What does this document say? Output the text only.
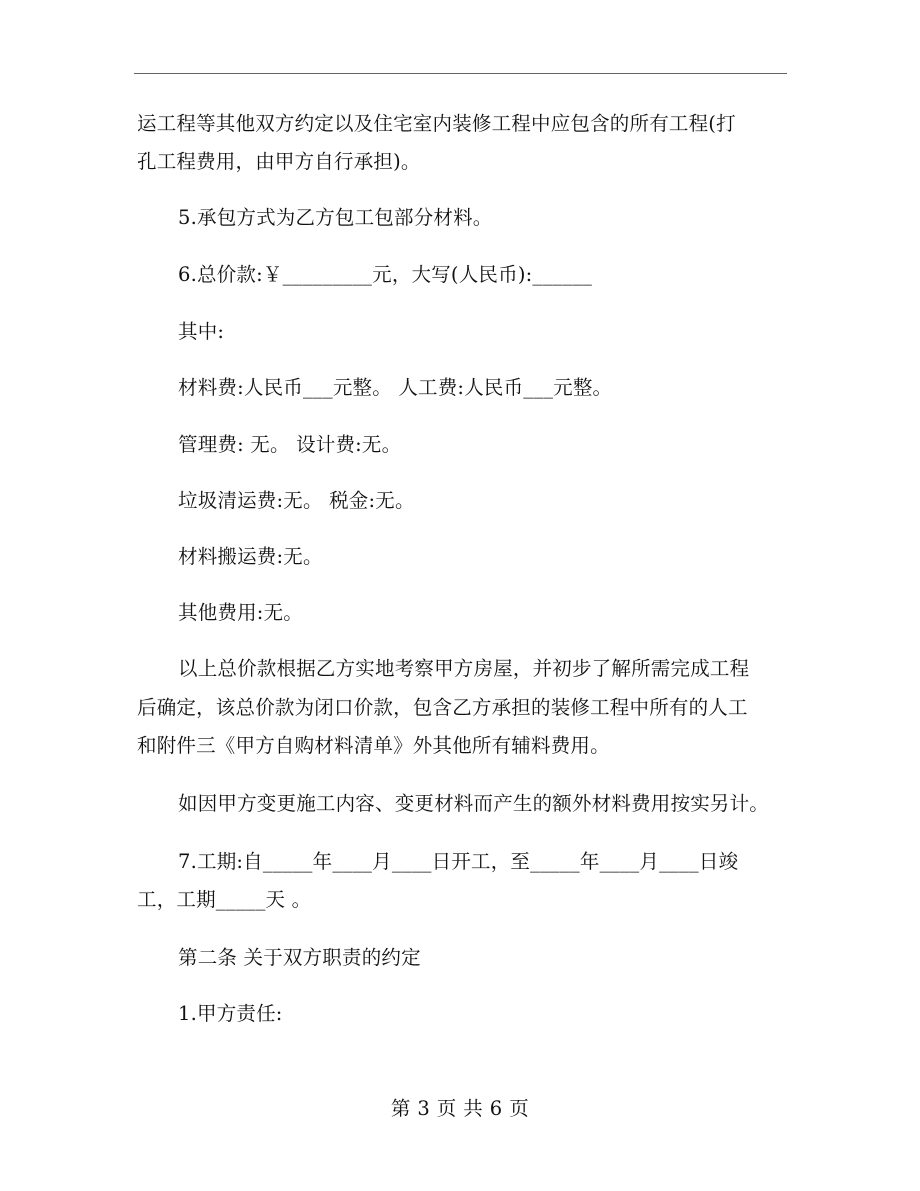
运工程等其他双方约定以及住宅室内装修工程中应包含的所有工程(打
孔工程费用，由甲方自行承担)。
5.承包方式为乙方包工包部分材料。
6.总价款:￥_________元，大写(人民币):______
其中:
材料费:人民币___元整。 人工费:人民币___元整。
管理费: 无。 设计费:无。
垃圾清运费:无。 税金:无。
材料搬运费:无。
其他费用:无。
以上总价款根据乙方实地考察甲方房屋，并初步了解所需完成工程
后确定，该总价款为闭口价款，包含乙方承担的装修工程中所有的人工
和附件三《甲方自购材料清单》外其他所有辅料费用。
如因甲方变更施工内容、变更材料而产生的额外材料费用按实另计。
7.工期:自_____年____月____日开工，至_____年____月____日竣
工，工期_____天 。
第二条 关于双方职责的约定
1.甲方责任:
第 3 页 共 6 页
